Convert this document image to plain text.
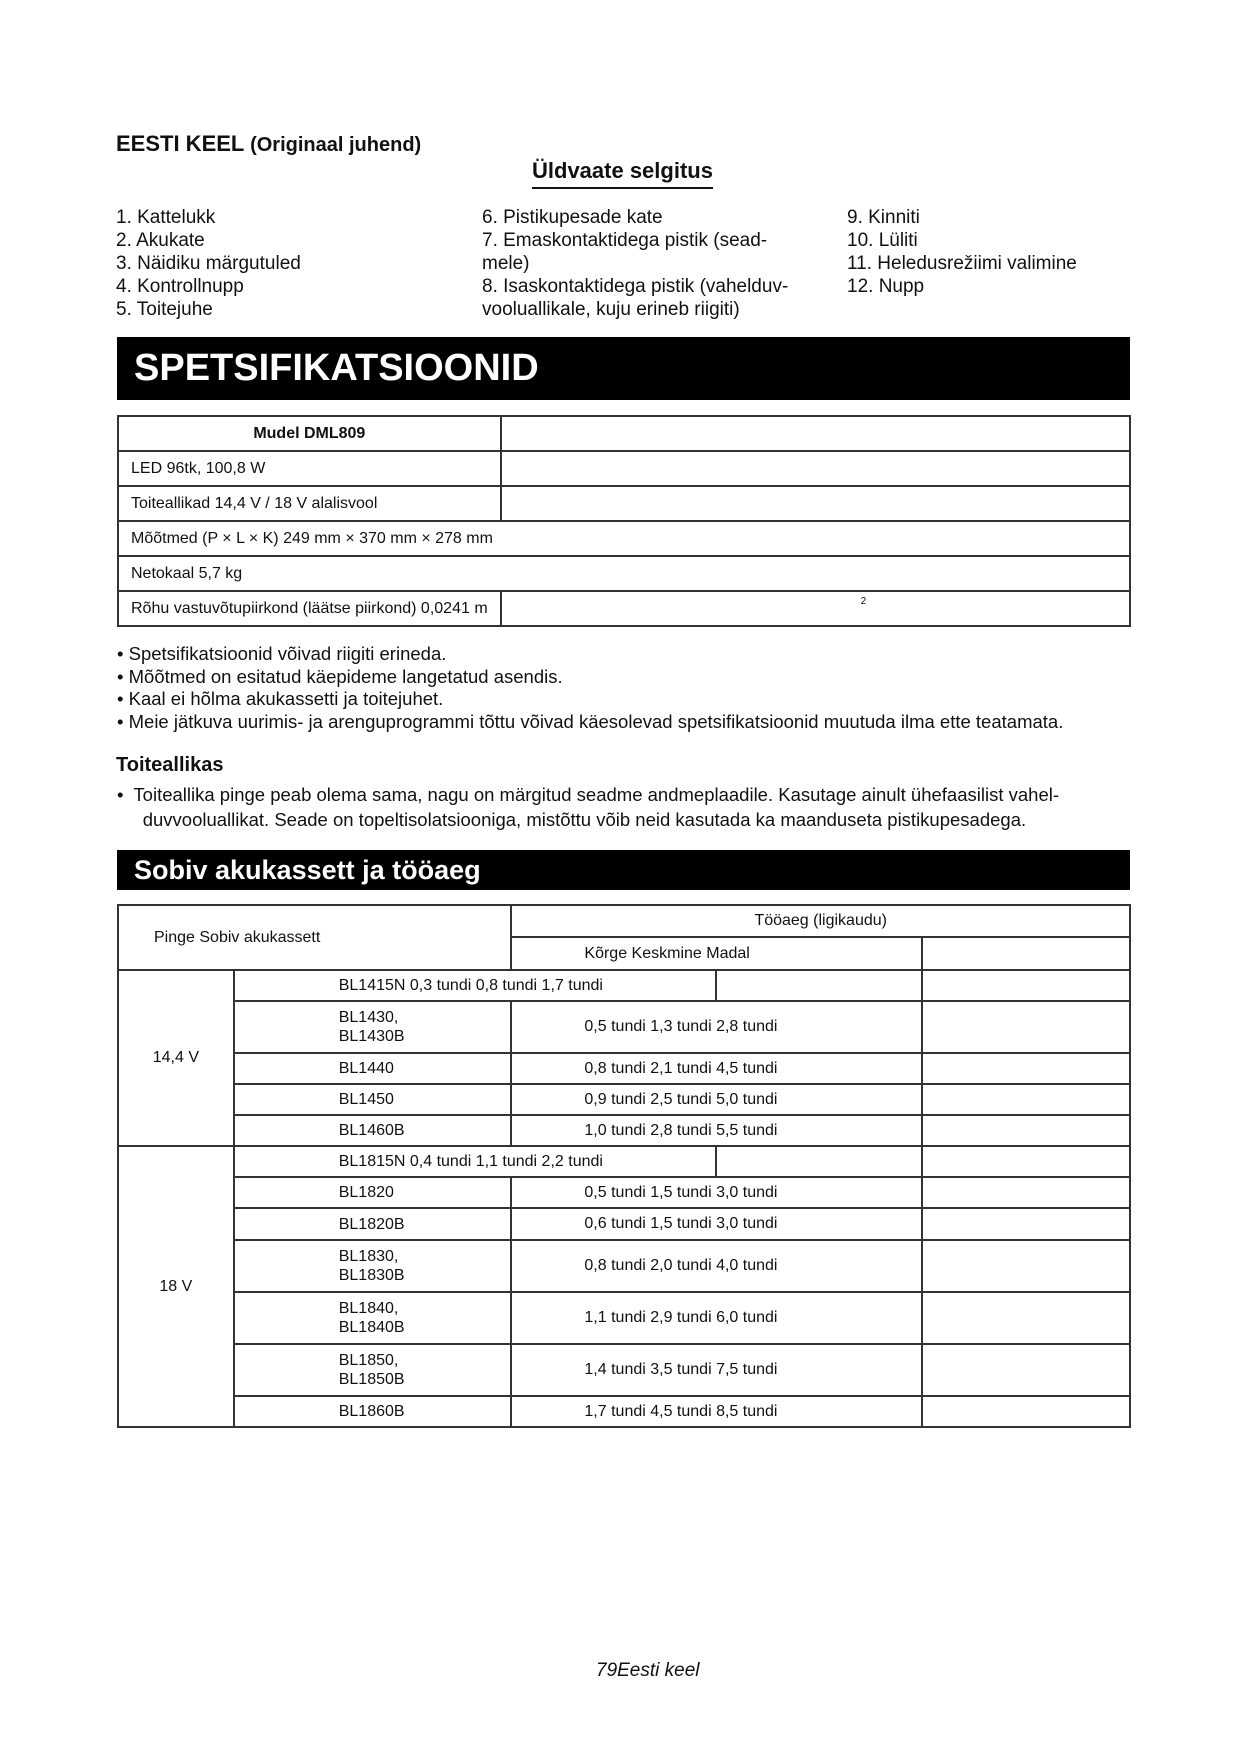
EESTI KEEL (Originaal juhend)
Üldvaate selgitus
1. Kattelukk
2. Akukate
3. Näidiku märgutuled
4. Kontrollnupp
5. Toitejuhe
6. Pistikupesade kate
7. Emaskontaktidega pistik (sead-
mele)
8. Isaskontaktidega pistik (vahelduv-
vooluallikale, kuju erineb riigiti)
9. Kinniti
10. Lüliti
11. Heledusrežiimi valimine
12. Nupp
SPETSIFIKATSIOONID
Mudel DML809	
LED 96tk, 100,8 W	
Toiteallikad 14,4 V / 18 V alalisvool	
Mõõtmed (P × L × K) 249 mm × 370 mm × 278 mm	
Netokaal 5,7 kg	
Rõhu vastuvõtupiirkond (läätse piirkond) 0,0241 m	2
• Spetsifikatsioonid võivad riigiti erineda.
• Mõõtmed on esitatud käepideme langetatud asendis.
• Kaal ei hõlma akukassetti ja toitejuhet.
• Meie jätkuva uurimis- ja arenguprogrammi tõttu võivad käesolevad spetsifikatsioonid muutuda ilma ette teatamata.
Toiteallikas
•  Toiteallika pinge peab olema sama, nagu on märgitud seadme andmeplaadile. Kasutage ainult ühefaasilist vahel-
duvvooluallikat. Seade on topeltisolatsiooniga, mistõttu võib neid kasutada ka maanduseta pistikupesadega.
Sobiv akukassett ja tööaeg
Pinge Sobiv akukassett		Tööaeg (ligikaudu)		
		Kõrge Keskmine Madal		
14,4 V	BL1415N 0,3 tundi 0,8 tundi 1,7 tundi			
	BL1430,
BL1430B	0,5 tundi 1,3 tundi 2,8 tundi		
	BL1440	0,8 tundi 2,1 tundi 4,5 tundi		
	BL1450	0,9 tundi 2,5 tundi 5,0 tundi		
	BL1460B	1,0 tundi 2,8 tundi 5,5 tundi		
18 V	BL1815N 0,4 tundi 1,1 tundi 2,2 tundi			
	BL1820	0,5 tundi 1,5 tundi 3,0 tundi		
	BL1820B	0,6 tundi 1,5 tundi 3,0 tundi		
	BL1830,
BL1830B	0,8 tundi 2,0 tundi 4,0 tundi		
	BL1840,
BL1840B	1,1 tundi 2,9 tundi 6,0 tundi		
	BL1850,
BL1850B	1,4 tundi 3,5 tundi 7,5 tundi		
	BL1860B	1,7 tundi 4,5 tundi 8,5 tundi		
79Eesti keel
